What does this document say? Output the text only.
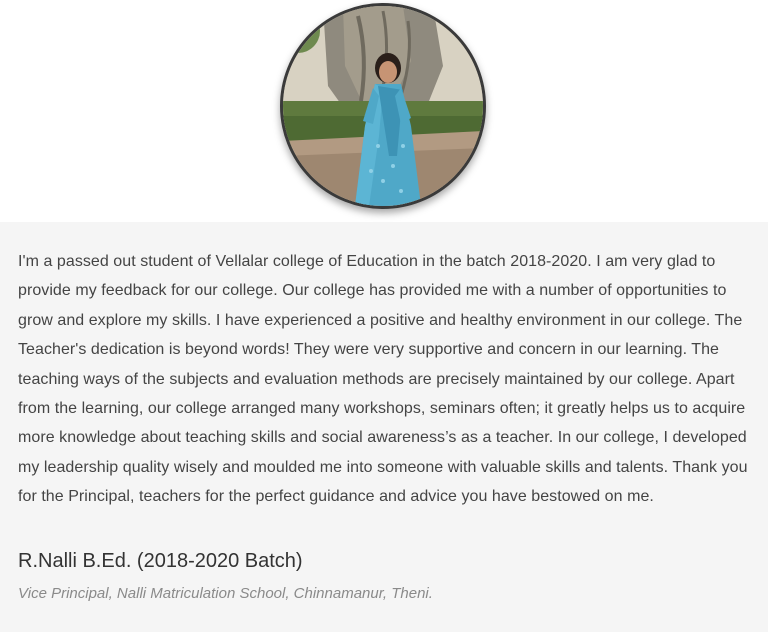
I'm a passed out student of Vellalar college of Education in the batch 2018-2020. I am very glad to provide my feedback for our college. Our college has provided me with a number of opportunities to grow and explore my skills. I have experienced a positive and healthy environment in our college. The Teacher's dedication is beyond words! They were very supportive and concern in our learning. The teaching ways of the subjects and evaluation methods are precisely maintained by our college. Apart from the learning, our college arranged many workshops, seminars often; it greatly helps us to acquire more knowledge about teaching skills and social awareness’s as a teacher. In our college, I developed my leadership quality wisely and moulded me into someone with valuable skills and talents. Thank you for the Principal, teachers for the perfect guidance and advice you have bestowed on me.

R.Nalli B.Ed. (2018-2020 Batch)

Vice Principal, Nalli Matriculation School, Chinnamanur, Theni.
